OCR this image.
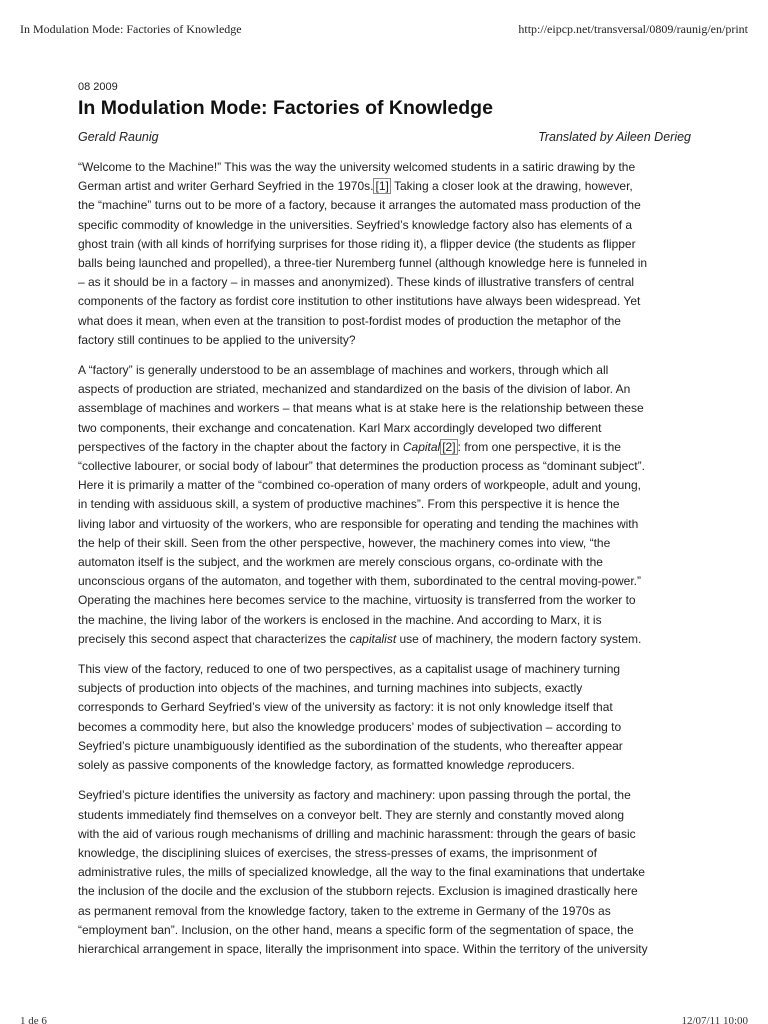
In Modulation Mode: Factories of Knowledge	http://eipcp.net/transversal/0809/raunig/en/print
08 2009
In Modulation Mode: Factories of Knowledge
Gerald Raunig	Translated by Aileen Derieg

“Welcome to the Machine!” This was the way the university welcomed students in a satiric drawing by the
German artist and writer Gerhard Seyfried in the 1970s. [1] Taking a closer look at the drawing, however,
the “machine” turns out to be more of a factory, because it arranges the automated mass production of the
specific commodity of knowledge in the universities. Seyfried’s knowledge factory also has elements of a
ghost train (with all kinds of horrifying surprises for those riding it), a flipper device (the students as flipper
balls being launched and propelled), a three-tier Nuremberg funnel (although knowledge here is funneled in
– as it should be in a factory – in masses and anonymized). These kinds of illustrative transfers of central
components of the factory as fordist core institution to other institutions have always been widespread. Yet
what does it mean, when even at the transition to post-fordist modes of production the metaphor of the
factory still continues to be applied to the university?

A “factory” is generally understood to be an assemblage of machines and workers, through which all
aspects of production are striated, mechanized and standardized on the basis of the division of labor. An
assemblage of machines and workers – that means what is at stake here is the relationship between these
two components, their exchange and concatenation. Karl Marx accordingly developed two different
perspectives of the factory in the chapter about the factory in Capital [2] : from one perspective, it is the
“collective labourer, or social body of labour” that determines the production process as “dominant subject”.
Here it is primarily a matter of the “combined co-operation of many orders of workpeople, adult and young,
in tending with assiduous skill, a system of productive machines”. From this perspective it is hence the
living labor and virtuosity of the workers, who are responsible for operating and tending the machines with
the help of their skill. Seen from the other perspective, however, the machinery comes into view, “the
automaton itself is the subject, and the workmen are merely conscious organs, co-ordinate with the
unconscious organs of the automaton, and together with them, subordinated to the central moving-power.”
Operating the machines here becomes service to the machine, virtuosity is transferred from the worker to
the machine, the living labor of the workers is enclosed in the machine. And according to Marx, it is
precisely this second aspect that characterizes the capitalist use of machinery, the modern factory system.

This view of the factory, reduced to one of two perspectives, as a capitalist usage of machinery turning
subjects of production into objects of the machines, and turning machines into subjects, exactly
corresponds to Gerhard Seyfried’s view of the university as factory: it is not only knowledge itself that
becomes a commodity here, but also the knowledge producers’ modes of subjectivation – according to
Seyfried’s picture unambiguously identified as the subordination of the students, who thereafter appear
solely as passive components of the knowledge factory, as formatted knowledge reproducers.

Seyfried’s picture identifies the university as factory and machinery: upon passing through the portal, the
students immediately find themselves on a conveyor belt. They are sternly and constantly moved along
with the aid of various rough mechanisms of drilling and machinic harassment: through the gears of basic
knowledge, the disciplining sluices of exercises, the stress-presses of exams, the imprisonment of
administrative rules, the mills of specialized knowledge, all the way to the final examinations that undertake
the inclusion of the docile and the exclusion of the stubborn rejects. Exclusion is imagined drastically here
as permanent removal from the knowledge factory, taken to the extreme in Germany of the 1970s as
“employment ban”. Inclusion, on the other hand, means a specific form of the segmentation of space, the
hierarchical arrangement in space, literally the imprisonment into space. Within the territory of the university

1 de 6	12/07/11 10:00
